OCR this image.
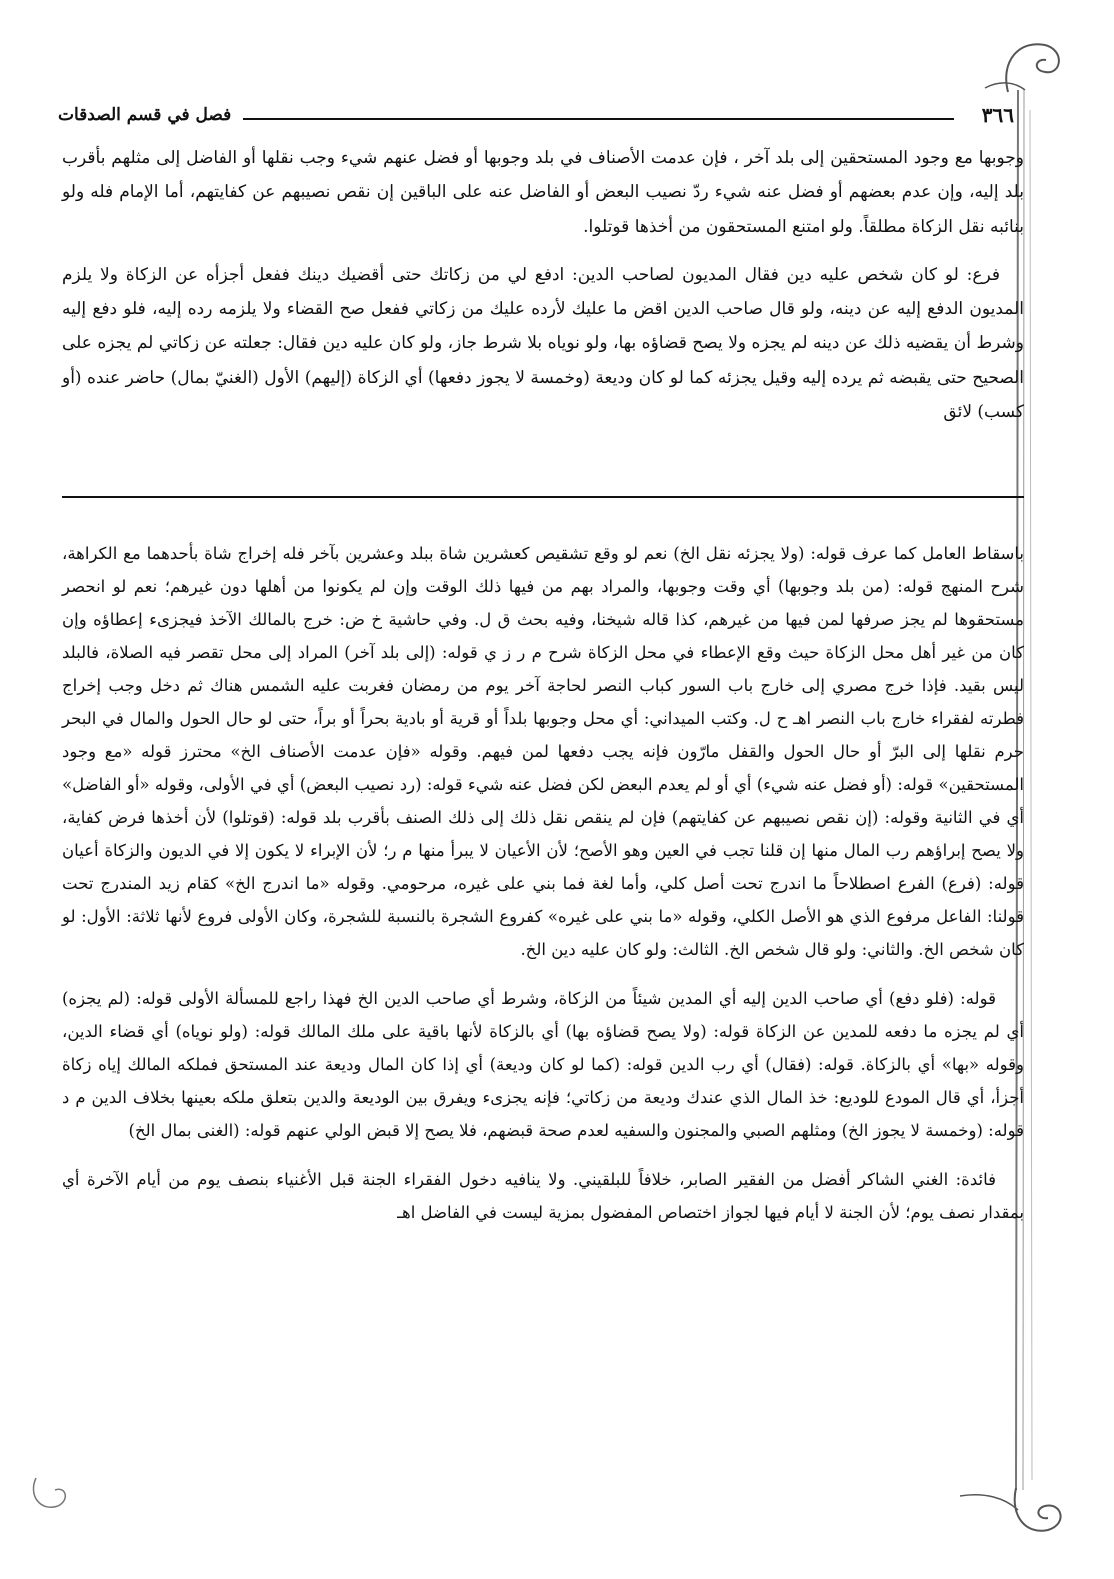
٣٦٦
فصل في قسم الصدقات

وجوبها مع وجود المستحقين إلى بلد آخر ، فإن عدمت الأصناف في بلد وجوبها أو فضل عنهم شيء وجب نقلها أو الفاضل إلى مثلهم بأقرب بلد إليه، وإن عدم بعضهم أو فضل عنه شيء ردّ نصيب البعض أو الفاضل عنه على الباقين إن نقص نصيبهم عن كفايتهم، أما الإمام فله ولو بنائبه نقل الزكاة مطلقاً. ولو امتنع المستحقون من أخذها قوتلوا.

فرع: لو كان شخص عليه دين فقال المديون لصاحب الدين: ادفع لي من زكاتك حتى أقضيك دينك ففعل أجزأه عن الزكاة ولا يلزم المديون الدفع إليه عن دينه، ولو قال صاحب الدين اقض ما عليك لأرده عليك من زكاتي ففعل صح القضاء ولا يلزمه رده إليه، فلو دفع إليه وشرط أن يقضيه ذلك عن دينه لم يجزه ولا يصح قضاؤه بها، ولو نوياه بلا شرط جاز، ولو كان عليه دين فقال: جعلته عن زكاتي لم يجزه على الصحيح حتى يقبضه ثم يرده إليه وقيل يجزئه كما لو كان وديعة (وخمسة لا يجوز دفعها) أي الزكاة (إليهم) الأول (الغنيّ بمال) حاضر عنده (أو كسب) لائق

باسقاط العامل كما عرف قوله: (ولا يجزئه نقل الخ) نعم لو وقع تشقيص كعشرين شاة ببلد وعشرين بآخر فله إخراج شاة بأحدهما مع الكراهة، شرح المنهج قوله: (من بلد وجوبها) أي وقت وجوبها، والمراد بهم من فيها ذلك الوقت وإن لم يكونوا من أهلها دون غيرهم؛ نعم لو انحصر مستحقوها لم يجز صرفها لمن فيها من غيرهم، كذا قاله شيخنا، وفيه بحث ق ل. وفي حاشية خ ض: خرج بالمالك الآخذ فيجزىء إعطاؤه وإن كان من غير أهل محل الزكاة حيث وقع الإعطاء في محل الزكاة شرح م ر ز ي قوله: (إلى بلد آخر) المراد إلى محل تقصر فيه الصلاة، فالبلد ليس بقيد. فإذا خرج مصري إلى خارج باب السور كباب النصر لحاجة آخر يوم من رمضان فغربت عليه الشمس هناك ثم دخل وجب إخراج فطرته لفقراء خارج باب النصر اهـ ح ل. وكتب الميداني: أي محل وجوبها بلداً أو قرية أو بادية بحراً أو براً، حتى لو حال الحول والمال في البحر حرم نقلها إلى البرّ أو حال الحول والقفل مارّون فإنه يجب دفعها لمن فيهم. وقوله «فإن عدمت الأصناف الخ» محترز قوله «مع وجود المستحقين» قوله: (أو فضل عنه شيء) أي أو لم يعدم البعض لكن فضل عنه شيء قوله: (رد نصيب البعض) أي في الأولى، وقوله «أو الفاضل» أي في الثانية وقوله: (إن نقص نصيبهم عن كفايتهم) فإن لم ينقص نقل ذلك إلى ذلك الصنف بأقرب بلد قوله: (قوتلوا) لأن أخذها فرض كفاية، ولا يصح إبراؤهم رب المال منها إن قلنا تجب في العين وهو الأصح؛ لأن الأعيان لا يبرأ منها م ر؛ لأن الإبراء لا يكون إلا في الديون والزكاة أعيان قوله: (فرع) الفرع اصطلاحاً ما اندرج تحت أصل كلي، وأما لغة فما بني على غيره، مرحومي. وقوله «ما اندرج الخ» كقام زيد المندرج تحت قولنا: الفاعل مرفوع الذي هو الأصل الكلي، وقوله «ما بني على غيره» كفروع الشجرة بالنسبة للشجرة، وكان الأولى فروع لأنها ثلاثة: الأول: لو كان شخص الخ. والثاني: ولو قال شخص الخ. الثالث: ولو كان عليه دين الخ.

قوله: (فلو دفع) أي صاحب الدين إليه أي المدين شيئاً من الزكاة، وشرط أي صاحب الدين الخ فهذا راجع للمسألة الأولى قوله: (لم يجزه) أي لم يجزه ما دفعه للمدين عن الزكاة قوله: (ولا يصح قضاؤه بها) أي بالزكاة لأنها باقية على ملك المالك قوله: (ولو نوياه) أي قضاء الدين، وقوله «بها» أي بالزكاة. قوله: (فقال) أي رب الدين قوله: (كما لو كان وديعة) أي إذا كان المال وديعة عند المستحق فملكه المالك إياه زكاة أجزأ، أي قال المودع للوديع: خذ المال الذي عندك وديعة من زكاتي؛ فإنه يجزىء ويفرق بين الوديعة والدين بتعلق ملكه بعينها بخلاف الدين م د قوله: (وخمسة لا يجوز الخ) ومثلهم الصبي والمجنون والسفيه لعدم صحة قبضهم، فلا يصح إلا قبض الولي عنهم قوله: (الغنى بمال الخ)

فائدة: الغني الشاكر أفضل من الفقير الصابر، خلافاً للبلقيني. ولا ينافيه دخول الفقراء الجنة قبل الأغنياء بنصف يوم من أيام الآخرة أي بمقدار نصف يوم؛ لأن الجنة لا أيام فيها لجواز اختصاص المفضول بمزية ليست في الفاضل اهـ
